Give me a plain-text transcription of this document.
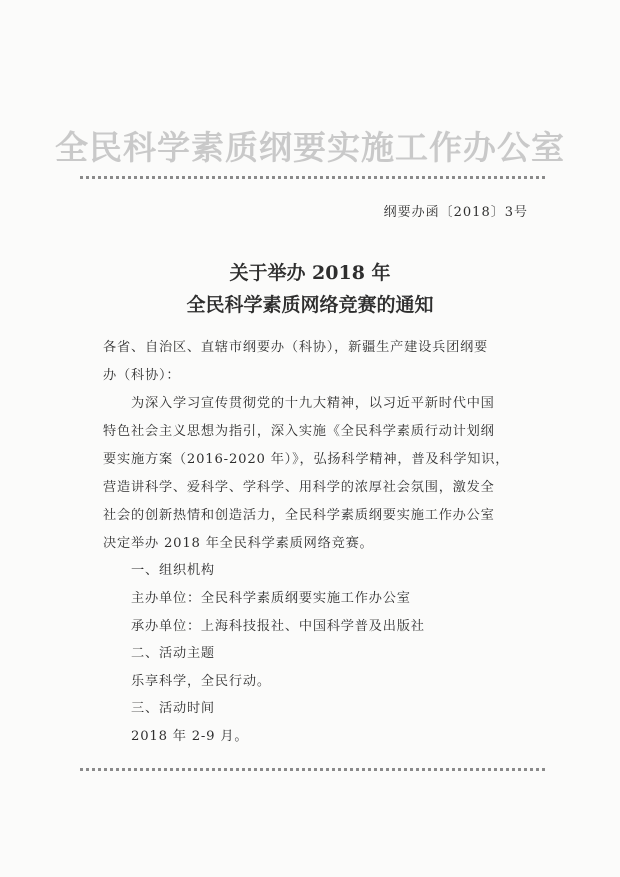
全民科学素质纲要实施工作办公室
纲要办函〔2018〕3号
关于举办 2018 年
全民科学素质网络竞赛的通知
各省、自治区、直辖市纲要办（科协），新疆生产建设兵团纲要
办（科协）：
为深入学习宣传贯彻党的十九大精神，以习近平新时代中国
特色社会主义思想为指引，深入实施《全民科学素质行动计划纲
要实施方案（2016-2020 年）》，弘扬科学精神，普及科学知识，
营造讲科学、爱科学、学科学、用科学的浓厚社会氛围，激发全
社会的创新热情和创造活力，全民科学素质纲要实施工作办公室
决定举办 2018 年全民科学素质网络竞赛。
一、组织机构
主办单位：全民科学素质纲要实施工作办公室
承办单位：上海科技报社、中国科学普及出版社
二、活动主题
乐享科学，全民行动。
三、活动时间
2018 年 2-9 月。
